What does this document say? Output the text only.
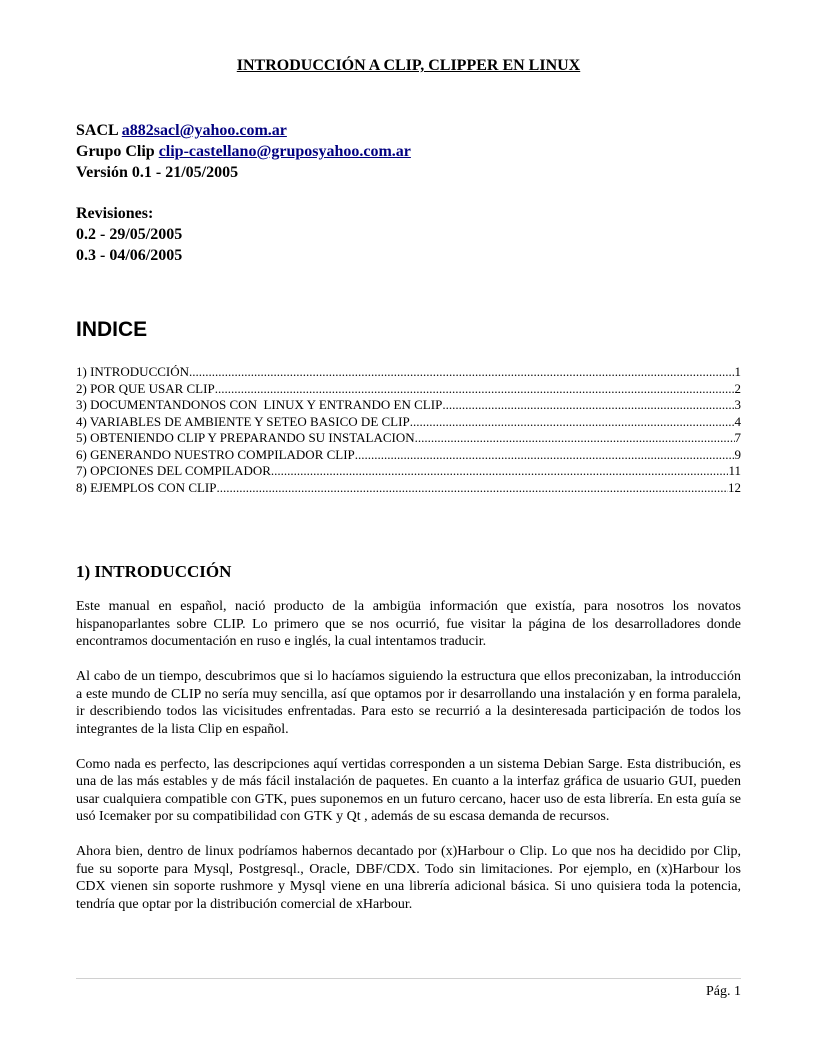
INTRODUCCIÓN A CLIP, CLIPPER EN LINUX
SACL a882sacl@yahoo.com.ar
Grupo Clip clip-castellano@gruposyahoo.com.ar
Versión 0.1 - 21/05/2005
Revisiones:
0.2 - 29/05/2005
0.3 - 04/06/2005
INDICE
1) INTRODUCCIÓN .....	1
2) POR QUE USAR CLIP .....	2
3) DOCUMENTANDONOS CON  LINUX Y ENTRANDO EN CLIP .....	3
4) VARIABLES DE AMBIENTE Y SETEO BASICO DE CLIP .....	4
5) OBTENIENDO CLIP Y PREPARANDO SU INSTALACION .....	7
6) GENERANDO NUESTRO COMPILADOR CLIP .....	9
7) OPCIONES DEL COMPILADOR .....	11
8) EJEMPLOS CON CLIP .....	12
1) INTRODUCCIÓN

Este manual en español, nació producto de la ambigüa información que existía, para nosotros los novatos hispanoparlantes sobre CLIP. Lo primero que se nos ocurrió, fue visitar la página de los desarrolladores donde encontramos documentación en ruso e inglés, la cual intentamos traducir.

Al cabo de un tiempo, descubrimos que si lo hacíamos siguiendo la estructura que ellos preconizaban, la introducción a este mundo de CLIP no sería muy sencilla, así que optamos por ir desarrollando una instalación y en forma paralela, ir describiendo todos las vicisitudes enfrentadas. Para esto se recurrió a la desinteresada participación de todos los integrantes de la lista Clip en español.

Como nada es perfecto, las descripciones aquí vertidas corresponden a un sistema Debian Sarge. Esta distribución, es una de las más estables y de más fácil instalación de paquetes. En cuanto a la interfaz gráfica de usuario GUI, pueden usar cualquiera compatible con GTK, pues suponemos en un futuro cercano, hacer uso de esta librería. En esta guía se usó Icemaker por su compatibilidad con GTK y Qt , además de su escasa demanda de recursos.

Ahora bien, dentro de linux podríamos habernos decantado por (x)Harbour o Clip. Lo que nos ha decidido por Clip, fue su soporte para Mysql, Postgresql., Oracle, DBF/CDX. Todo sin limitaciones. Por ejemplo, en (x)Harbour los CDX vienen sin soporte rushmore y Mysql viene en una librería adicional básica. Si uno quisiera toda la potencia, tendría que optar por la distribución comercial de xHarbour.

Pág. 1
